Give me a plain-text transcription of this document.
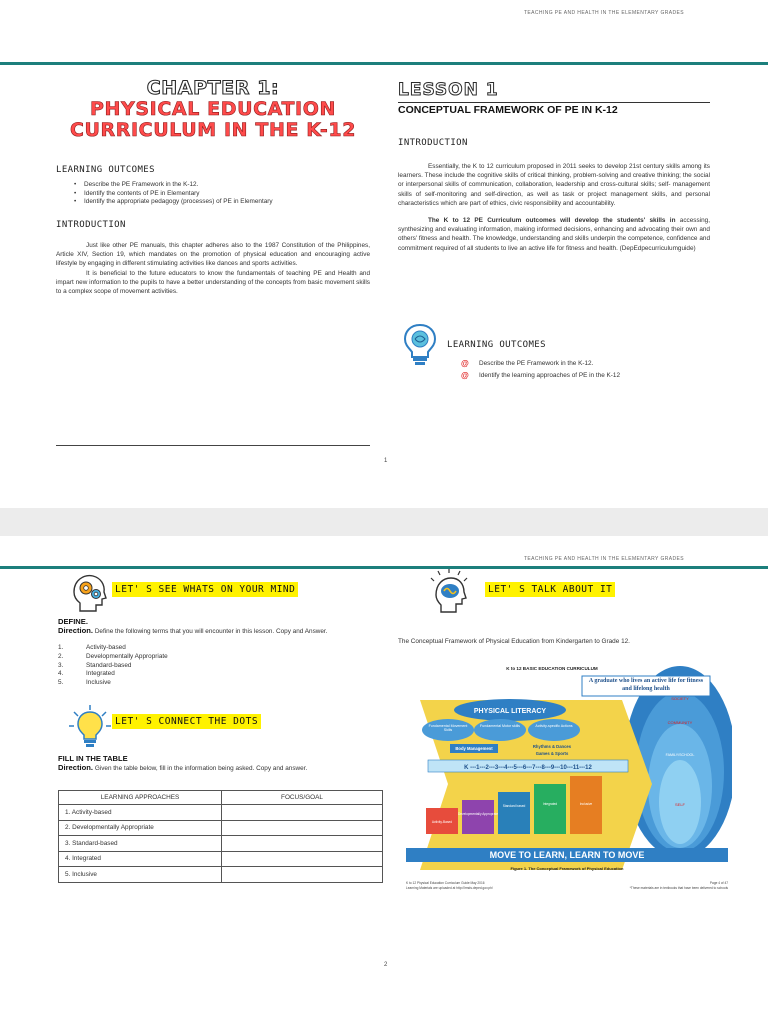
TEACHING PE AND HEALTH IN THE ELEMENTARY GRADES
CHAPTER 1:
PHYSICAL EDUCATION
CURRICULUM IN THE K-12
LEARNING OUTCOMES
• Describe the PE Framework in the K-12.
• Identify the contents of PE in Elementary
• Identify the appropriate pedagogy (processes) of PE in Elementary
INTRODUCTION

Just like other PE manuals, this chapter adheres also to the 1987 Constitution of the Philippines, Article XIV, Section 19, which mandates on the promotion of physical education and encouraging active lifestyle by engaging in different stimulating activities like dances and sports activities.

It is beneficial to the future educators to know the fundamentals of teaching PE and Health and impart new information to the pupils to have a better understanding of the concepts from basic movement skills to a complex scope of movement activities.

LESSON 1
CONCEPTUAL FRAMEWORK OF PE IN K-12
INTRODUCTION

Essentially, the K to 12 curriculum proposed in 2011 seeks to develop 21st century skills among its learners. These include the cognitive skills of critical thinking, problem-solving and creative thinking; the social or interpersonal skills of communication, collaboration, leadership and cross-cultural skills; self- management skills of self-monitoring and self-direction, as well as task or project management skills, and personal characteristics which are part of ethics, civic responsibility and accountability.

The K to 12 PE Curriculum outcomes will develop the students' skills in accessing, synthesizing and evaluating information, making informed decisions, enhancing and advocating their own and others' fitness and health. The knowledge, understanding and skills underpin the competence, confidence and commitment required of all students to live an active life for fitness and health. (DepEdpecurriculumguide)

LEARNING OUTCOMES
@ Describe the PE Framework in the K-12.
@ Identify the learning approaches of PE in the K-12
1
TEACHING PE AND HEALTH IN THE ELEMENTARY GRADES
LET' S SEE WHATS ON YOUR MIND
DEFINE.

Direction. Define the following terms that you will encounter in this lesson. Copy and Answer.

1.	Activity-based
2.	Developmentally Appropriate
3.	Standard-based
4.	Integrated
5.	Inclusive
LET' S CONNECT THE DOTS
FILL IN THE TABLE

Direction. Given the table below, fill in the information being asked. Copy and answer.

LEARNING APPROACHES	FOCUS/GOAL
1. Activity-based	
2. Developmentally Appropriate	
3. Standard-based	
4. Integrated	
5. Inclusive	
LET' S TALK ABOUT IT
The Conceptual Framework of Physical Education from Kindergarten to Grade 12.
K to 12 BASIC EDUCATION CURRICULUM
SOCIETY
COMMUNITY
FAMILY/SCHOOL
SELF
A graduate who lives an active life for fitness and lifelong health
PHYSICAL LITERACY
Fundamental Movement Skills
Fundamental Motor skills	Activity-specific Actions
Body Management	Rhythms & Dances
Games & Sports
K ---1---2---3---4---5---6---7---8---9---10---11---12
Activity-Based
Developmentally Approprate
Standard based	Integrated	Inclusive
MOVE TO LEARN, LEARN TO MOVE
Figure 1. The Conceptual Framework of Physical Education
K to 12 Physical Education Curriculum Guide May 2016
Learning Materials are uploaded at http://lrmds.deped.gov.ph/
Page 4 of 47
*These materials are in textbooks that have been delivered to schools
2
